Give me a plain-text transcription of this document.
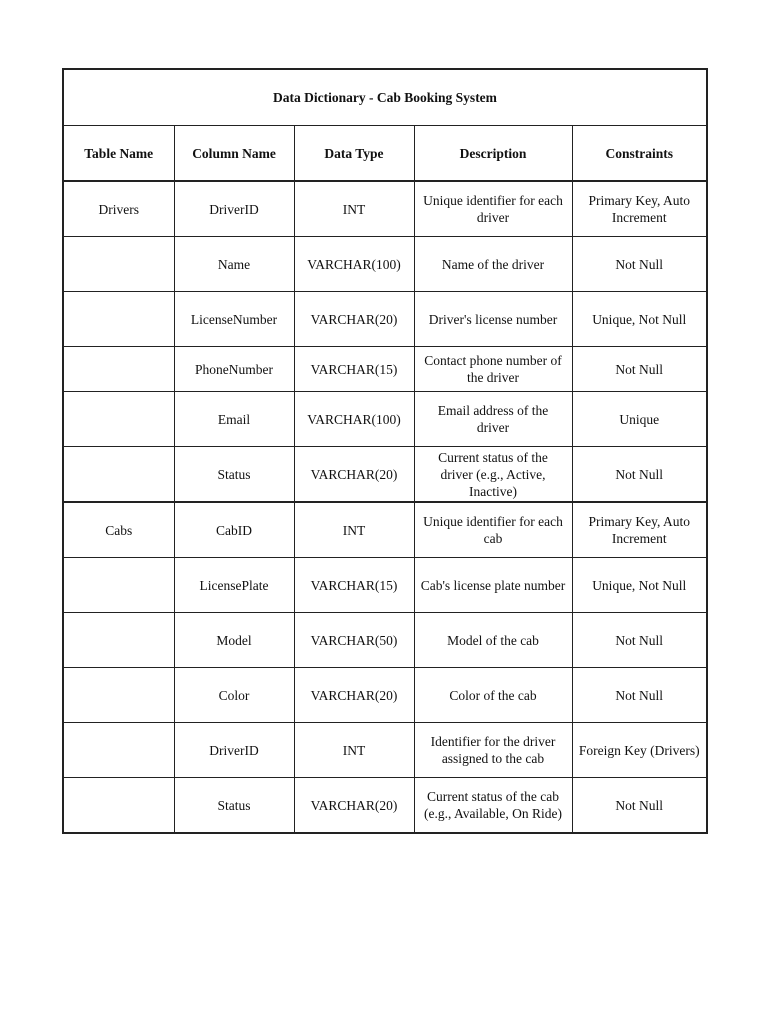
Data Dictionary - Cab Booking System				
Table Name	Column Name	Data Type	Description	Constraints
Drivers	DriverID	INT	Unique identifier for each driver	Primary Key, Auto Increment
	Name	VARCHAR(100)	Name of the driver	Not Null
	LicenseNumber	VARCHAR(20)	Driver's license number	Unique, Not Null
	PhoneNumber	VARCHAR(15)	Contact phone number of the driver	Not Null
	Email	VARCHAR(100)	Email address of the driver	Unique
	Status	VARCHAR(20)	Current status of the driver (e.g., Active, Inactive)	Not Null
Cabs	CabID	INT	Unique identifier for each cab	Primary Key, Auto Increment
	LicensePlate	VARCHAR(15)	Cab's license plate number	Unique, Not Null
	Model	VARCHAR(50)	Model of the cab	Not Null
	Color	VARCHAR(20)	Color of the cab	Not Null
	DriverID	INT	Identifier for the driver assigned to the cab	Foreign Key (Drivers)
	Status	VARCHAR(20)	Current status of the cab (e.g., Available, On Ride)	Not Null
